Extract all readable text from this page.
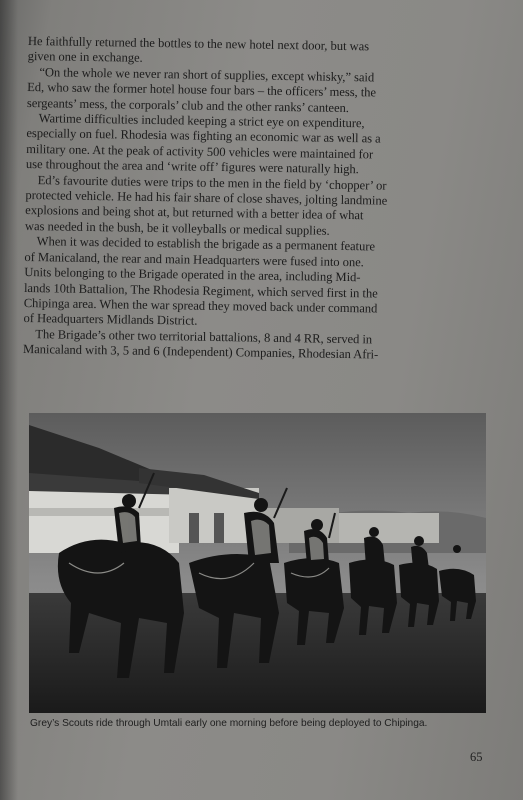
He faithfully returned the bottles to the new hotel next door, but was
given one in exchange.
“On the whole we never ran short of supplies, except whisky,” said
Ed, who saw the former hotel house four bars – the officers’ mess, the
sergeants’ mess, the corporals’ club and the other ranks’ canteen.
Wartime difficulties included keeping a strict eye on expenditure,
especially on fuel. Rhodesia was fighting an economic war as well as a
military one. At the peak of activity 500 vehicles were maintained for
use throughout the area and ‘write off’ figures were naturally high.
Ed’s favourite duties were trips to the men in the field by ‘chopper’ or
protected vehicle. He had his fair share of close shaves, jolting landmine
explosions and being shot at, but returned with a better idea of what
was needed in the bush, be it volleyballs or medical supplies.
When it was decided to establish the brigade as a permanent feature
of Manicaland, the rear and main Headquarters were fused into one.
Units belonging to the Brigade operated in the area, including Mid-
lands 10th Battalion, The Rhodesia Regiment, which served first in the
Chipinga area. When the war spread they moved back under command
of Headquarters Midlands District.
The Brigade’s other two territorial battalions, 8 and 4 RR, served in
Manicaland with 3, 5 and 6 (Independent) Companies, Rhodesian Afri-
Grey’s Scouts ride through Umtali early one morning before being deployed to Chipinga.
65
